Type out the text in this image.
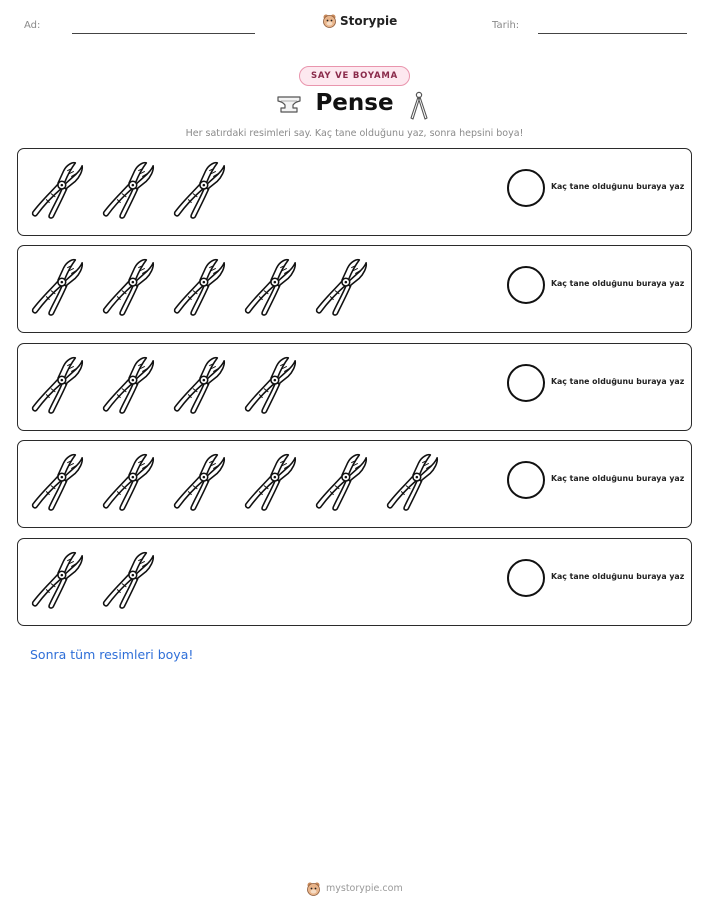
Ad:	Storypie	Tarih:
SAY VE BOYAMA
Pense
Her satırdaki resimleri say. Kaç tane olduğunu yaz, sonra hepsini boya!
Kaç tane olduğunu buraya yaz
Kaç tane olduğunu buraya yaz
Kaç tane olduğunu buraya yaz
Kaç tane olduğunu buraya yaz
Kaç tane olduğunu buraya yaz
Sonra tüm resimleri boya!
mystorypie.com
